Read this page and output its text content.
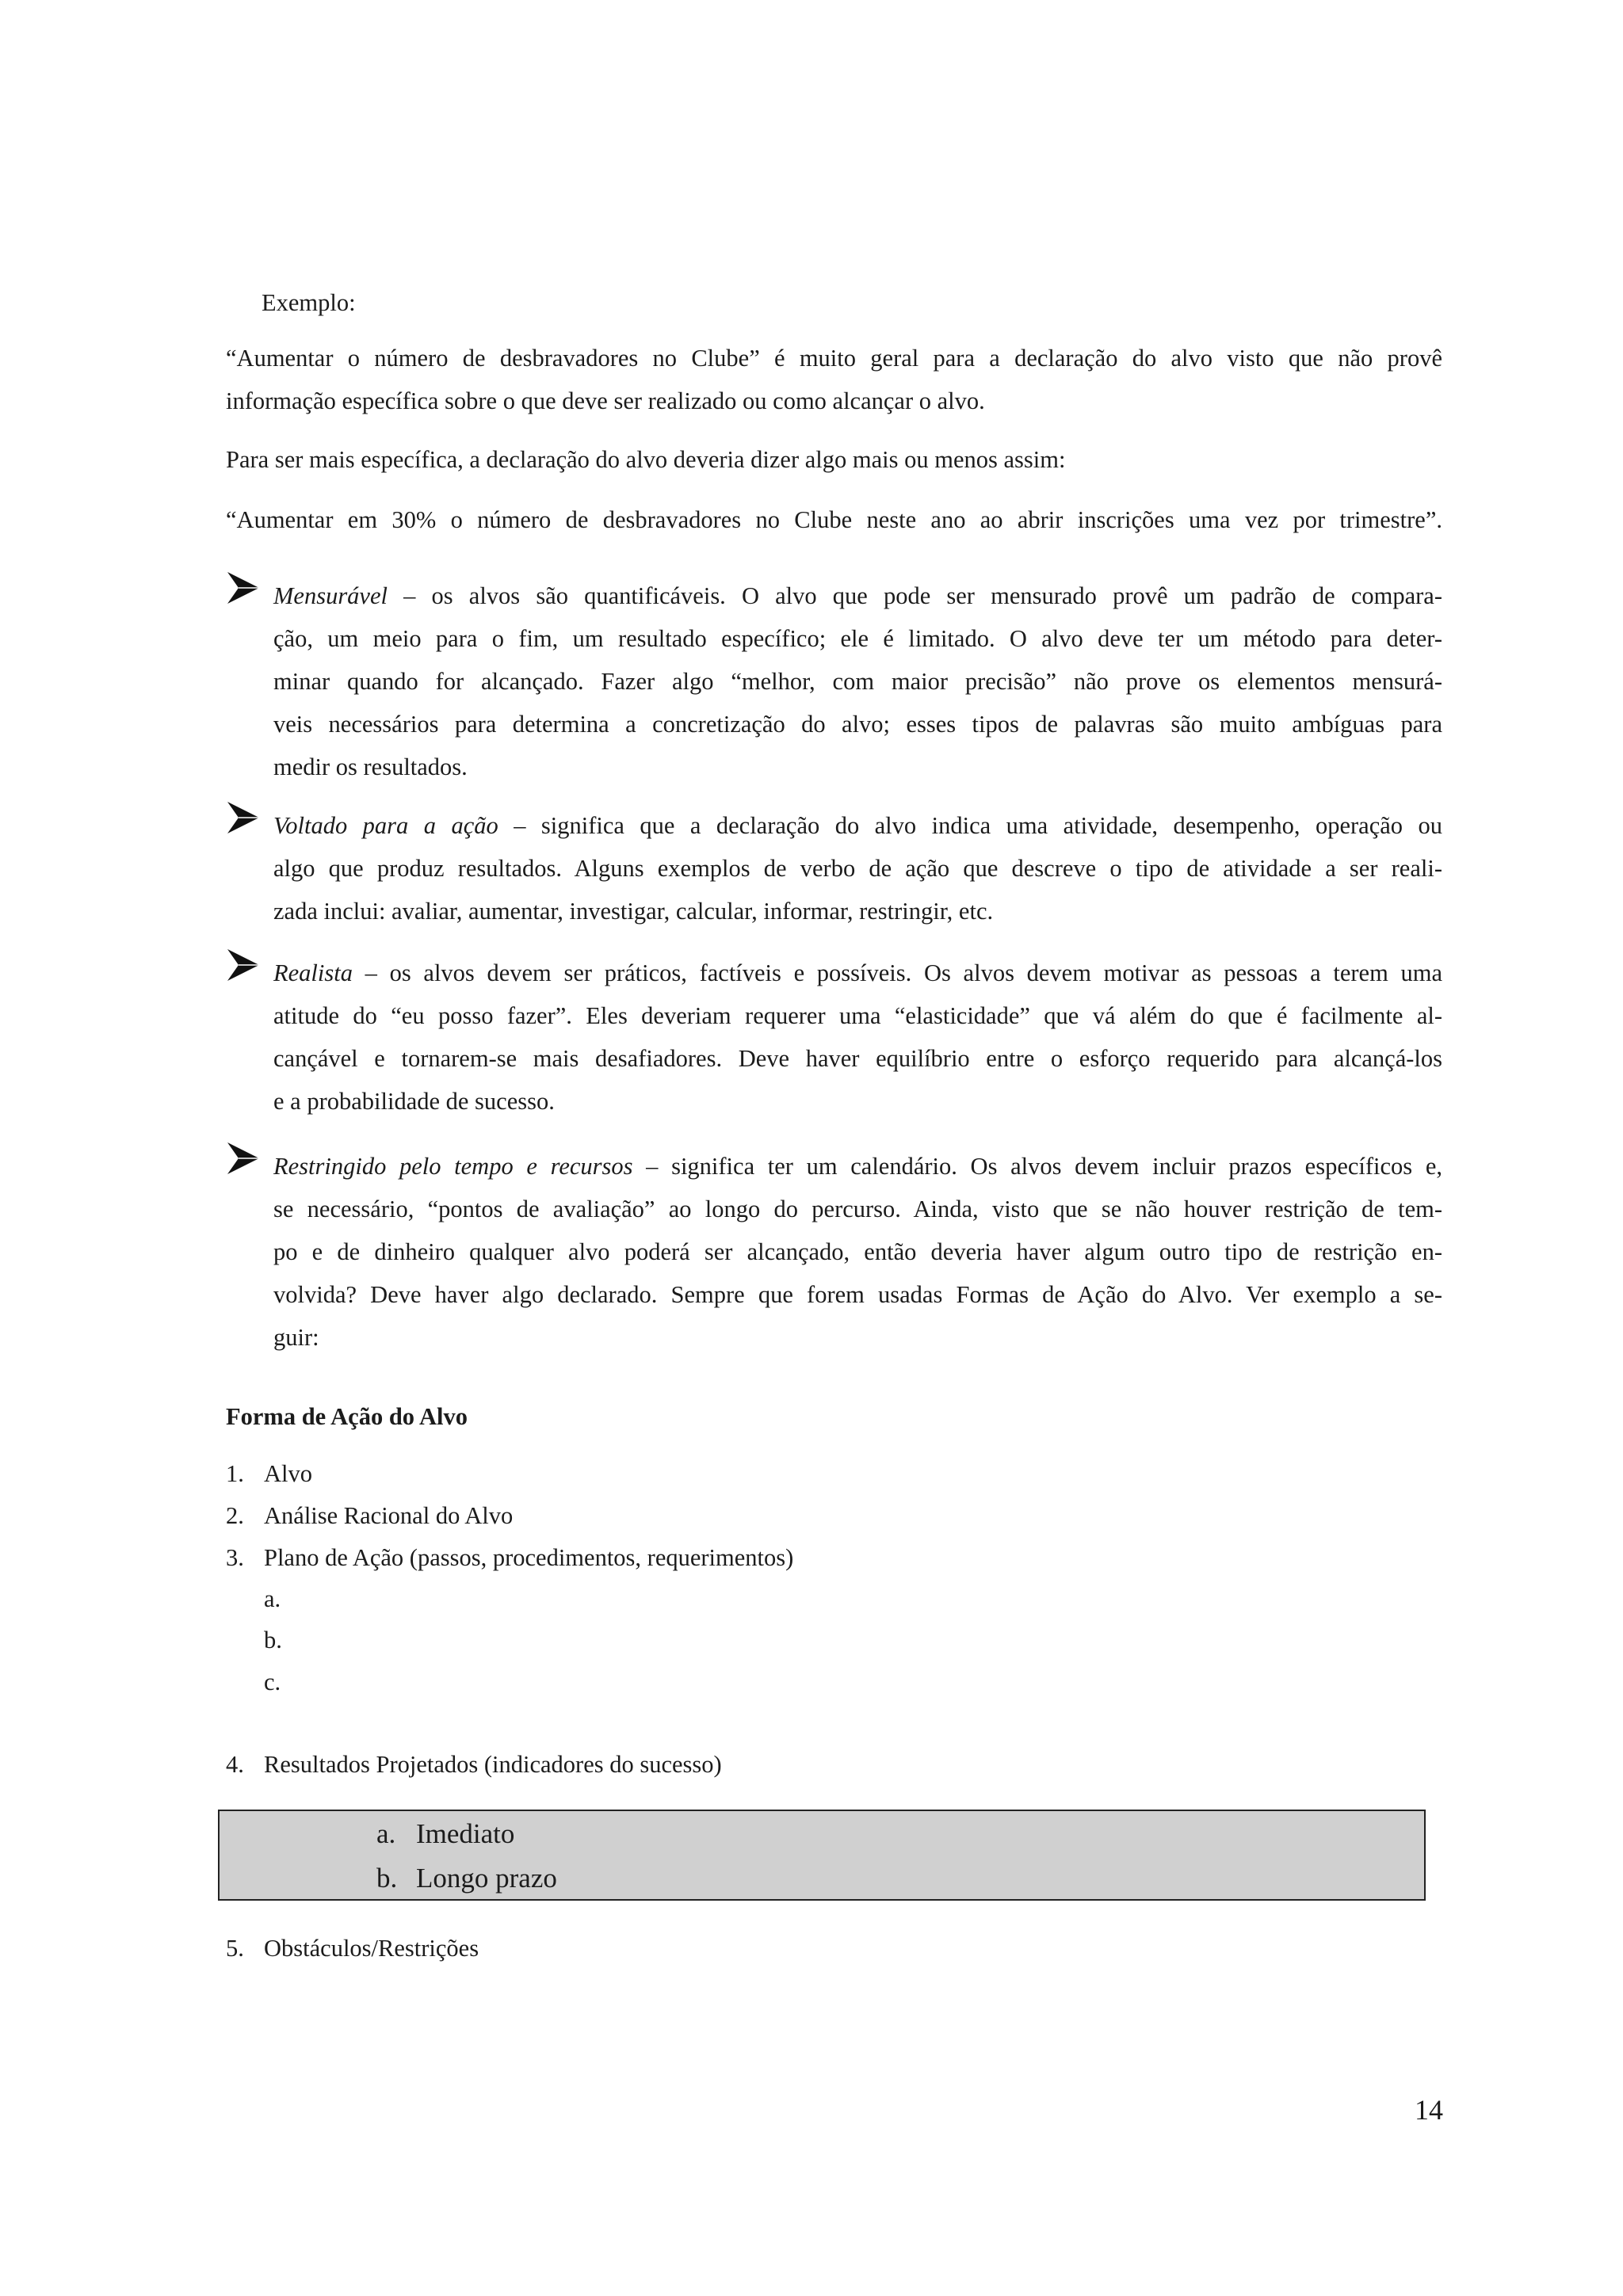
Exemplo:
“Aumentar o número de desbravadores no Clube” é muito geral para a declaração do alvo visto que não provê
informação específica sobre o que deve ser realizado ou como alcançar o alvo.
Para ser mais específica, a declaração do alvo deveria dizer algo mais ou menos assim:
“Aumentar em 30% o número de desbravadores no Clube neste ano ao abrir inscrições uma vez por trimestre”.
Mensurável – os alvos são quantificáveis. O alvo que pode ser mensurado provê um padrão de compara-
ção, um meio para o fim, um resultado específico; ele é limitado. O alvo deve ter um método para deter-
minar quando for alcançado. Fazer algo “melhor, com maior precisão” não prove os elementos mensurá-
veis necessários para determina a concretização do alvo; esses tipos de palavras são muito ambíguas para
medir os resultados.
Voltado para a ação – significa que a declaração do alvo indica uma atividade, desempenho, operação ou
algo que produz resultados. Alguns exemplos de verbo de ação que descreve o tipo de atividade a ser reali-
zada inclui: avaliar, aumentar, investigar, calcular, informar, restringir, etc.
Realista – os alvos devem ser práticos, factíveis e possíveis. Os alvos devem motivar as pessoas a terem uma
atitude do “eu posso fazer”. Eles deveriam requerer uma “elasticidade” que vá além do que é facilmente al-
cançável e tornarem-se mais desafiadores. Deve haver equilíbrio entre o esforço requerido para alcançá-los
e a probabilidade de sucesso.
Restringido pelo tempo e recursos – significa ter um calendário. Os alvos devem incluir prazos específicos e,
se necessário, “pontos de avaliação” ao longo do percurso. Ainda, visto que se não houver restrição de tem-
po e de dinheiro qualquer alvo poderá ser alcançado, então deveria haver algum outro tipo de restrição en-
volvida? Deve haver algo declarado. Sempre que forem usadas Formas de Ação do Alvo. Ver exemplo a se-
guir:
Forma de Ação do Alvo
1. Alvo
2. Análise Racional do Alvo
3. Plano de Ação (passos, procedimentos, requerimentos)
a.
b.
c.
4. Resultados Projetados (indicadores do sucesso)
5. Obstáculos/Restrições
a. Imediato
b. Longo prazo
14
